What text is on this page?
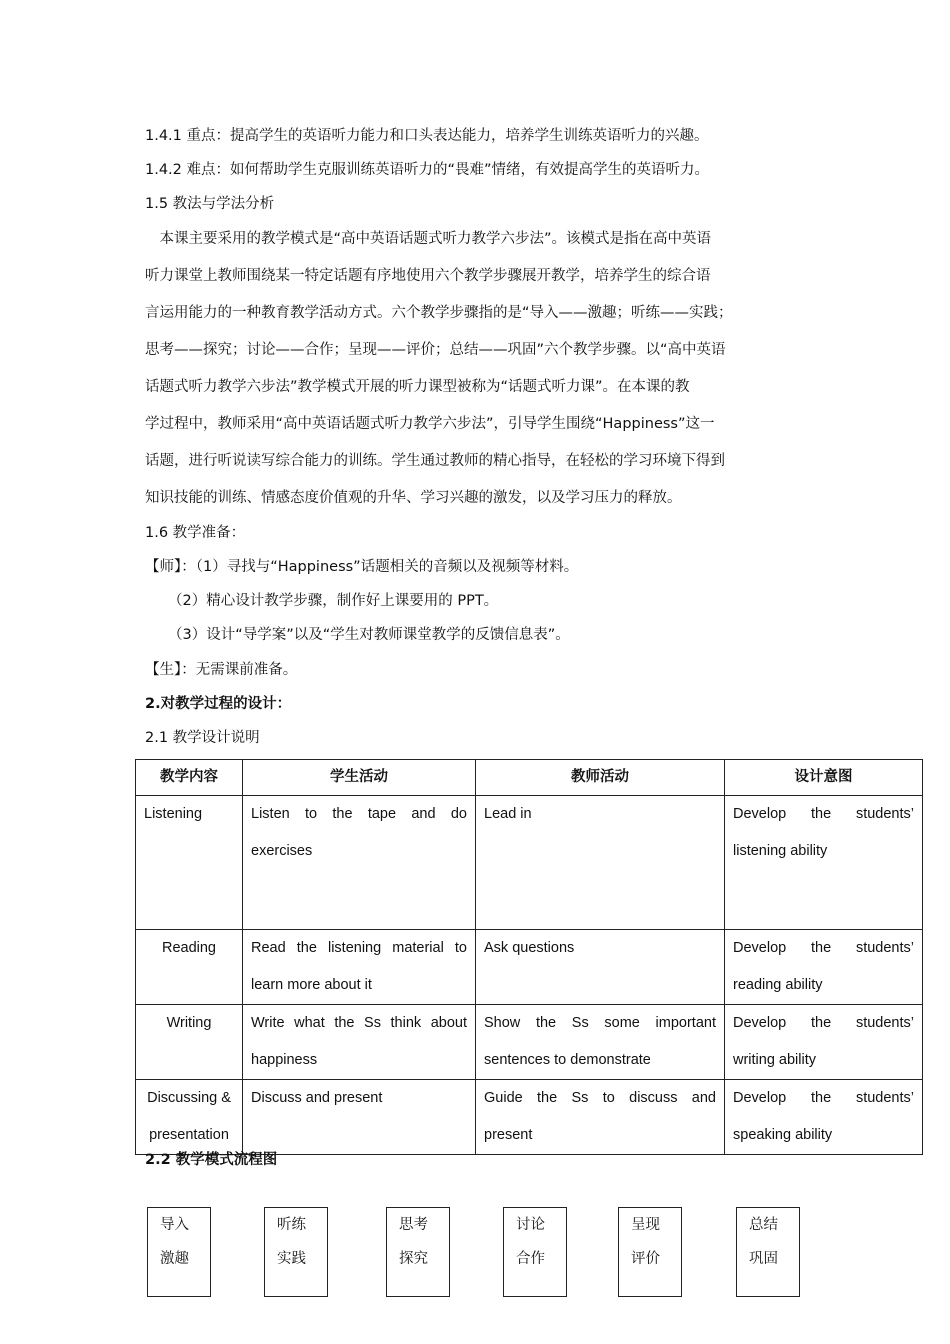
1.4.1 重点：提高学生的英语听力能力和口头表达能力，培养学生训练英语听力的兴趣。
1.4.2 难点：如何帮助学生克服训练英语听力的“畏难”情绪，有效提高学生的英语听力。
1.5 教法与学法分析

　本课主要采用的教学模式是“高中英语话题式听力教学六步法”。该模式是指在高中英语

听力课堂上教师围绕某一特定话题有序地使用六个教学步骤展开教学，培养学生的综合语

言运用能力的一种教育教学活动方式。六个教学步骤指的是“导入——激趣；听练——实践；

思考——探究；讨论——合作；呈现——评价；总结——巩固”六个教学步骤。以“高中英语

话题式听力教学六步法”教学模式开展的听力课型被称为“话题式听力课”。在本课的教

学过程中，教师采用“高中英语话题式听力教学六步法”，引导学生围绕“Happiness”这一

话题，进行听说读写综合能力的训练。学生通过教师的精心指导，在轻松的学习环境下得到

知识技能的训练、情感态度价值观的升华、学习兴趣的激发，以及学习压力的释放。

1.6 教学准备：
【师】：（1）寻找与“Happiness”话题相关的音频以及视频等材料。
（2）精心设计教学步骤，制作好上课要用的 PPT。
（3）设计“导学案”以及“学生对教师课堂教学的反馈信息表”。
【生】：无需课前准备。
2.对教学过程的设计：
2.1 教学设计说明
教学内容	学生活动	教师活动	设计意图
Listening	Listen to the tape and do exercises	Lead in	Develop the students’ listening ability
Reading	Read the listening material to learn more about it	Ask questions	Develop the students’ reading ability
Writing	Write what the Ss think about happiness	Show the Ss some important sentences to demonstrate	Develop the students’ writing ability
Discussing & presentation	Discuss and present	Guide the Ss to discuss and present	Develop the students’ speaking ability
2.2 教学模式流程图
导入
激趣
听练
实践
思考
探究
讨论
合作
呈现
评价
总结
巩固
